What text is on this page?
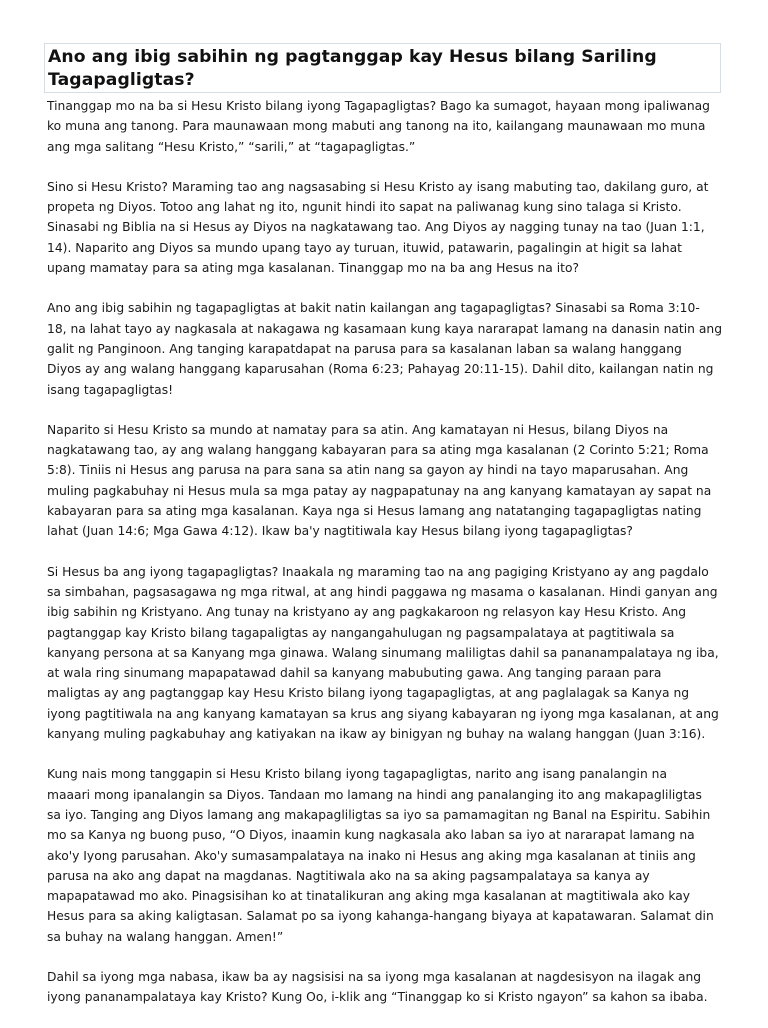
Ano ang ibig sabihin ng pagtanggap kay Hesus bilang Sariling
Tagapagligtas?

Tinanggap mo na ba si Hesu Kristo bilang iyong Tagapagligtas? Bago ka sumagot, hayaan mong ipaliwanag
ko muna ang tanong. Para maunawaan mong mabuti ang tanong na ito, kailangang maunawaan mo muna
ang mga salitang “Hesu Kristo,” “sarili,” at “tagapagligtas.”

Sino si Hesu Kristo? Maraming tao ang nagsasabing si Hesu Kristo ay isang mabuting tao, dakilang guro, at
propeta ng Diyos. Totoo ang lahat ng ito, ngunit hindi ito sapat na paliwanag kung sino talaga si Kristo.
Sinasabi ng Biblia na si Hesus ay Diyos na nagkatawang tao. Ang Diyos ay nagging tunay na tao (Juan 1:1,
14). Naparito ang Diyos sa mundo upang tayo ay turuan, ituwid, patawarin, pagalingin at higit sa lahat
upang mamatay para sa ating mga kasalanan. Tinanggap mo na ba ang Hesus na ito?

Ano ang ibig sabihin ng tagapagligtas at bakit natin kailangan ang tagapagligtas? Sinasabi sa Roma 3:10-
18, na lahat tayo ay nagkasala at nakagawa ng kasamaan kung kaya nararapat lamang na danasin natin ang
galit ng Panginoon. Ang tanging karapatdapat na parusa para sa kasalanan laban sa walang hanggang
Diyos ay ang walang hanggang kaparusahan (Roma 6:23; Pahayag 20:11-15). Dahil dito, kailangan natin ng
isang tagapagligtas!

Naparito si Hesu Kristo sa mundo at namatay para sa atin. Ang kamatayan ni Hesus, bilang Diyos na
nagkatawang tao, ay ang walang hanggang kabayaran para sa ating mga kasalanan (2 Corinto 5:21; Roma
5:8). Tiniis ni Hesus ang parusa na para sana sa atin nang sa gayon ay hindi na tayo maparusahan. Ang
muling pagkabuhay ni Hesus mula sa mga patay ay nagpapatunay na ang kanyang kamatayan ay sapat na
kabayaran para sa ating mga kasalanan. Kaya nga si Hesus lamang ang natatanging tagapagligtas nating
lahat (Juan 14:6; Mga Gawa 4:12). Ikaw ba'y nagtitiwala kay Hesus bilang iyong tagapagligtas?

Si Hesus ba ang iyong tagapagligtas? Inaakala ng maraming tao na ang pagiging Kristyano ay ang pagdalo
sa simbahan, pagsasagawa ng mga ritwal, at ang hindi paggawa ng masama o kasalanan. Hindi ganyan ang
ibig sabihin ng Kristyano. Ang tunay na kristyano ay ang pagkakaroon ng relasyon kay Hesu Kristo. Ang
pagtanggap kay Kristo bilang tagapaligtas ay nangangahulugan ng pagsampalataya at pagtitiwala sa
kanyang persona at sa Kanyang mga ginawa. Walang sinumang maliligtas dahil sa pananampalataya ng iba,
at wala ring sinumang mapapatawad dahil sa kanyang mabubuting gawa. Ang tanging paraan para
maligtas ay ang pagtanggap kay Hesu Kristo bilang iyong tagapagligtas, at ang paglalagak sa Kanya ng
iyong pagtitiwala na ang kanyang kamatayan sa krus ang siyang kabayaran ng iyong mga kasalanan, at ang
kanyang muling pagkabuhay ang katiyakan na ikaw ay binigyan ng buhay na walang hanggan (Juan 3:16).

Kung nais mong tanggapin si Hesu Kristo bilang iyong tagapagligtas, narito ang isang panalangin na
maaari mong ipanalangin sa Diyos. Tandaan mo lamang na hindi ang panalanging ito ang makapagliligtas
sa iyo. Tanging ang Diyos lamang ang makapagliligtas sa iyo sa pamamagitan ng Banal na Espiritu. Sabihin
mo sa Kanya ng buong puso, “O Diyos, inaamin kung nagkasala ako laban sa iyo at nararapat lamang na
ako'y Iyong parusahan. Ako'y sumasampalataya na inako ni Hesus ang aking mga kasalanan at tiniis ang
parusa na ako ang dapat na magdanas. Nagtitiwala ako na sa aking pagsampalataya sa kanya ay
mapapatawad mo ako. Pinagsisihan ko at tinatalikuran ang aking mga kasalanan at magtitiwala ako kay
Hesus para sa aking kaligtasan. Salamat po sa iyong kahanga-hangang biyaya at kapatawaran. Salamat din
sa buhay na walang hanggan. Amen!”

Dahil sa iyong mga nabasa, ikaw ba ay nagsisisi na sa iyong mga kasalanan at nagdesisyon na ilagak ang
iyong pananampalataya kay Kristo? Kung Oo, i-klik ang “Tinanggap ko si Kristo ngayon” sa kahon sa ibaba.
